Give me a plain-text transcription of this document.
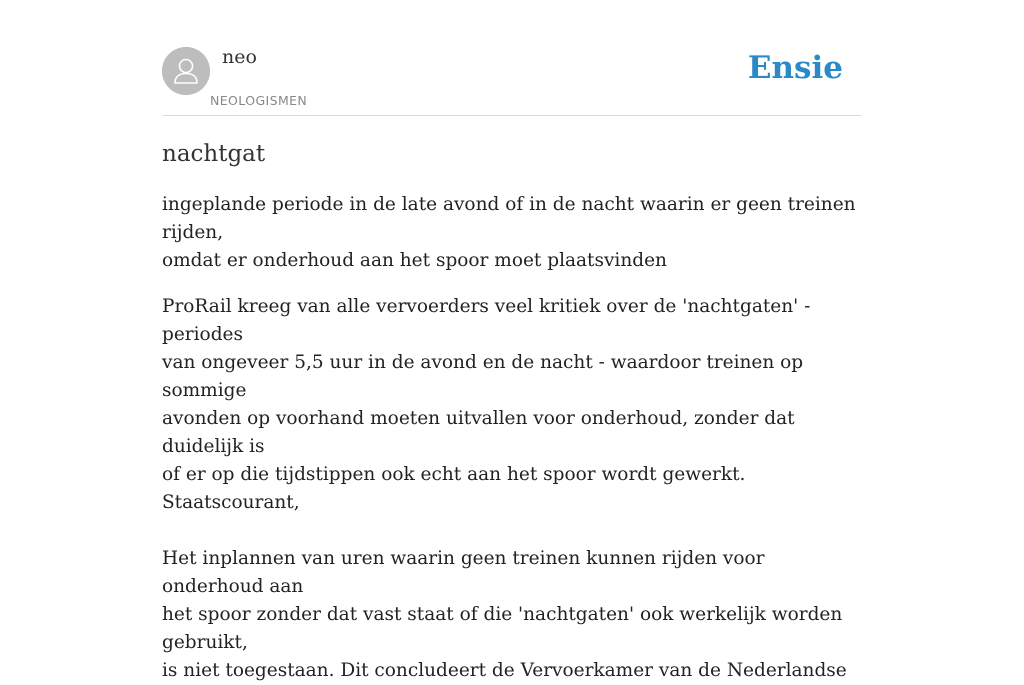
neo
NEOLOGISMEN
Ensie
nachtgat

ingeplande periode in de late avond of in de nacht waarin er geen treinen rijden,
omdat er onderhoud aan het spoor moet plaatsvinden

ProRail kreeg van alle vervoerders veel kritiek over de 'nachtgaten' - periodes
van ongeveer 5,5 uur in de avond en de nacht - waardoor treinen op sommige
avonden op voorhand moeten uitvallen voor onderhoud, zonder dat duidelijk is
of er op die tijdstippen ook echt aan het spoor wordt gewerkt.
Staatscourant,
Het inplannen van uren waarin geen treinen kunnen rijden voor onderhoud aan
het spoor zonder dat vast staat of die 'nachtgaten' ook werkelijk worden gebruikt,
is niet toegestaan. Dit concludeert de Vervoerkamer van de Nederlandse
